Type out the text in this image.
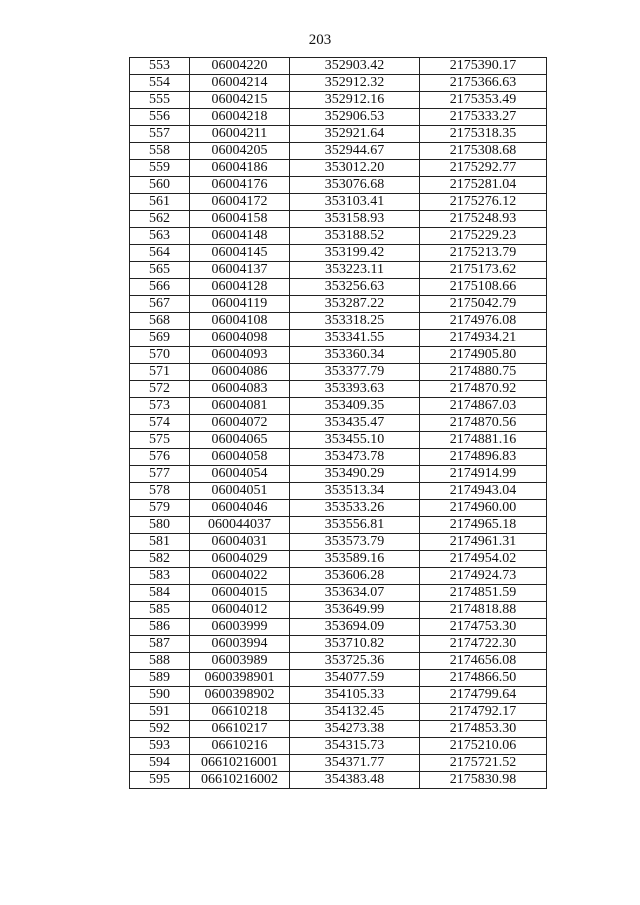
203
553	06004220	352903.42	2175390.17
554	06004214	352912.32	2175366.63
555	06004215	352912.16	2175353.49
556	06004218	352906.53	2175333.27
557	06004211	352921.64	2175318.35
558	06004205	352944.67	2175308.68
559	06004186	353012.20	2175292.77
560	06004176	353076.68	2175281.04
561	06004172	353103.41	2175276.12
562	06004158	353158.93	2175248.93
563	06004148	353188.52	2175229.23
564	06004145	353199.42	2175213.79
565	06004137	353223.11	2175173.62
566	06004128	353256.63	2175108.66
567	06004119	353287.22	2175042.79
568	06004108	353318.25	2174976.08
569	06004098	353341.55	2174934.21
570	06004093	353360.34	2174905.80
571	06004086	353377.79	2174880.75
572	06004083	353393.63	2174870.92
573	06004081	353409.35	2174867.03
574	06004072	353435.47	2174870.56
575	06004065	353455.10	2174881.16
576	06004058	353473.78	2174896.83
577	06004054	353490.29	2174914.99
578	06004051	353513.34	2174943.04
579	06004046	353533.26	2174960.00
580	060044037	353556.81	2174965.18
581	06004031	353573.79	2174961.31
582	06004029	353589.16	2174954.02
583	06004022	353606.28	2174924.73
584	06004015	353634.07	2174851.59
585	06004012	353649.99	2174818.88
586	06003999	353694.09	2174753.30
587	06003994	353710.82	2174722.30
588	06003989	353725.36	2174656.08
589	0600398901	354077.59	2174866.50
590	0600398902	354105.33	2174799.64
591	06610218	354132.45	2174792.17
592	06610217	354273.38	2174853.30
593	06610216	354315.73	2175210.06
594	06610216001	354371.77	2175721.52
595	06610216002	354383.48	2175830.98
